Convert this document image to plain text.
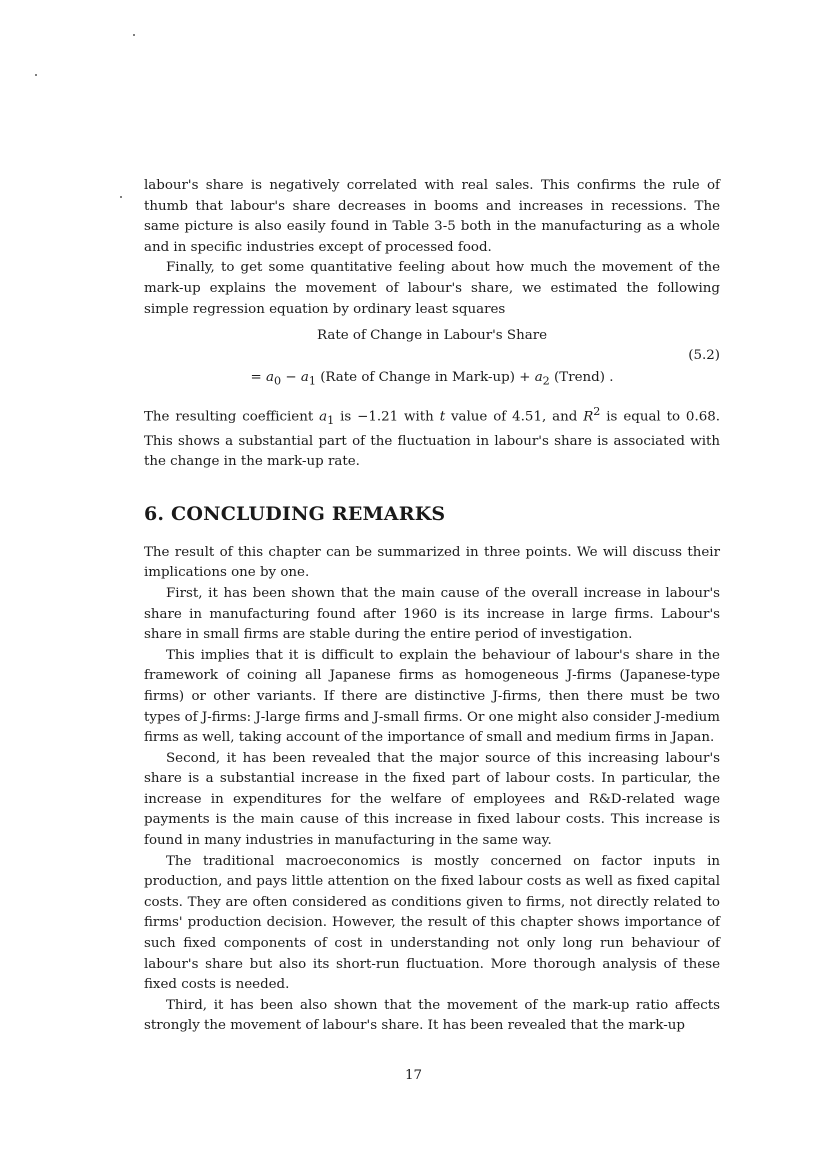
labour's share is negatively correlated with real sales. This confirms the rule of thumb that labour's share decreases in booms and increases in recessions. The same picture is also easily found in Table 3-5 both in the manufacturing as a whole and in specific industries except of processed food.

Finally, to get some quantitative feeling about how much the movement of the mark-up explains the movement of labour's share, we estimated the following simple regression equation by ordinary least squares

Rate of Change in Labour's Share
(5.2)
= $a_0 - a_1$ (Rate of Change in Mark-up) + $a_2$ (Trend) .

The resulting coefficient $a_1$ is −1.21 with t value of 4.51, and $R^2$ is equal to 0.68. This shows a substantial part of the fluctuation in labour's share is associated with the change in the mark-up rate.

6. CONCLUDING REMARKS

The result of this chapter can be summarized in three points. We will discuss their implications one by one.

First, it has been shown that the main cause of the overall increase in labour's share in manufacturing found after 1960 is its increase in large firms. Labour's share in small firms are stable during the entire period of investigation.

This implies that it is difficult to explain the behaviour of labour's share in the framework of coining all Japanese firms as homogeneous J-firms (Japanese-type firms) or other variants. If there are distinctive J-firms, then there must be two types of J-firms: J-large firms and J-small firms. Or one might also consider J-medium firms as well, taking account of the importance of small and medium firms in Japan.

Second, it has been revealed that the major source of this increasing labour's share is a substantial increase in the fixed part of labour costs. In particular, the increase in expenditures for the welfare of employees and R&D-related wage payments is the main cause of this increase in fixed labour costs. This increase is found in many industries in manufacturing in the same way.

The traditional macroeconomics is mostly concerned on factor inputs in production, and pays little attention on the fixed labour costs as well as fixed capital costs. They are often considered as conditions given to firms, not directly related to firms' production decision. However, the result of this chapter shows importance of such fixed components of cost in understanding not only long run behaviour of labour's share but also its short-run fluctuation. More thorough analysis of these fixed costs is needed.

Third, it has been also shown that the movement of the mark-up ratio affects strongly the movement of labour's share. It has been revealed that the mark-up

17
